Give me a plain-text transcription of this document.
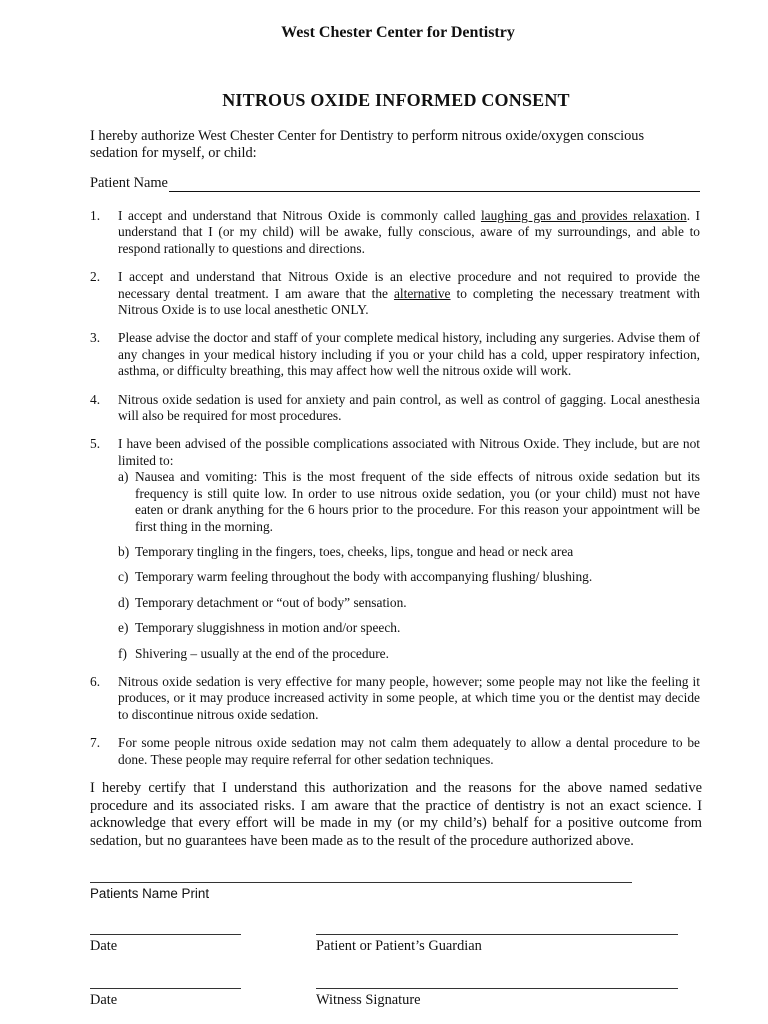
West Chester Center for Dentistry
NITROUS OXIDE INFORMED CONSENT
I hereby authorize West Chester Center for Dentistry to perform nitrous oxide/oxygen conscious sedation for myself, or child:
Patient Name
1. I accept and understand that Nitrous Oxide is commonly called laughing gas and provides relaxation. I understand that I (or my child) will be awake, fully conscious, aware of my surroundings, and able to respond rationally to questions and directions.
2. I accept and understand that Nitrous Oxide is an elective procedure and not required to provide the necessary dental treatment. I am aware that the alternative to completing the necessary treatment with Nitrous Oxide is to use local anesthetic ONLY.
3. Please advise the doctor and staff of your complete medical history, including any surgeries. Advise them of any changes in your medical history including if you or your child has a cold, upper respiratory infection, asthma, or difficulty breathing, this may affect how well the nitrous oxide will work.
4. Nitrous oxide sedation is used for anxiety and pain control, as well as control of gagging. Local anesthesia will also be required for most procedures.
5. I have been advised of the possible complications associated with Nitrous Oxide. They include, but are not limited to:
a) Nausea and vomiting: This is the most frequent of the side effects of nitrous oxide sedation but its frequency is still quite low. In order to use nitrous oxide sedation, you (or your child) must not have eaten or drank anything for the 6 hours prior to the procedure. For this reason your appointment will be first thing in the morning.
b) Temporary tingling in the fingers, toes, cheeks, lips, tongue and head or neck area
c) Temporary warm feeling throughout the body with accompanying flushing/ blushing.
d) Temporary detachment or “out of body” sensation.
e) Temporary sluggishness in motion and/or speech.
f) Shivering – usually at the end of the procedure.
6. Nitrous oxide sedation is very effective for many people, however; some people may not like the feeling it produces, or it may produce increased activity in some people, at which time you or the dentist may decide to discontinue nitrous oxide sedation.
7. For some people nitrous oxide sedation may not calm them adequately to allow a dental procedure to be done. These people may require referral for other sedation techniques.
I hereby certify that I understand this authorization and the reasons for the above named sedative procedure and its associated risks. I am aware that the practice of dentistry is not an exact science. I acknowledge that every effort will be made in my (or my child’s) behalf for a positive outcome from sedation, but no guarantees have been made as to the result of the procedure authorized above.
Patients Name Print
Date	Patient or Patient’s Guardian
Date	Witness Signature
